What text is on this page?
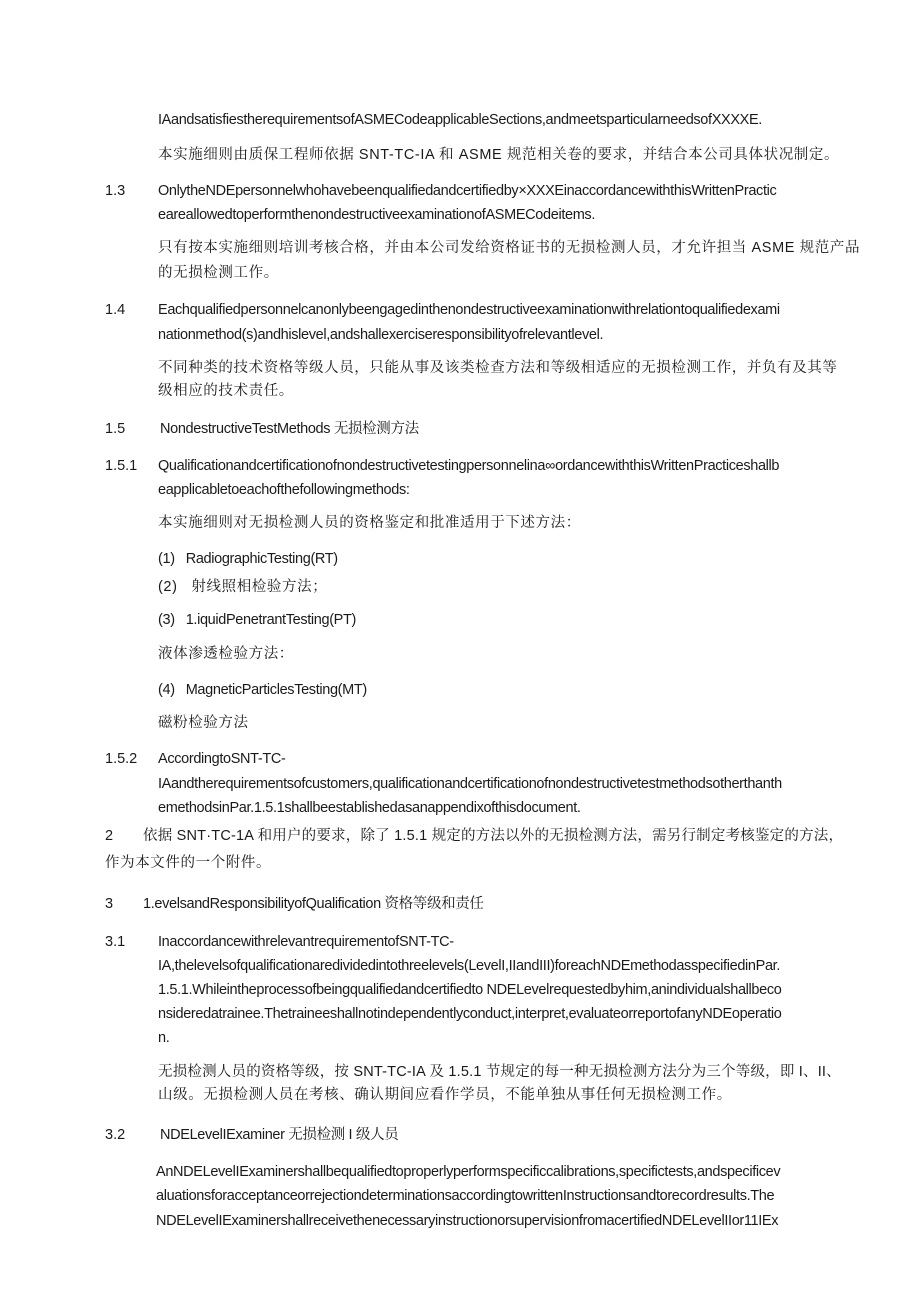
IAandsatisfiestherequirementsofASMECodeapplicableSections,andmeetsparticularneedsofXXXXE.
本实施细则由质保工程师依据 SNT-TC-IA 和 ASME 规范相关卷的要求，并结合本公司具体状况制定。
1.3 OnlytheNDEpersonnelwhohavebeenqualifiedandcertifiedby×XXXEinaccordancewiththisWrittenPractic
eareallowedtoperformthenondestructiveexaminationofASMECodeitems.
只有按本实施细则培训考核合格，并由本公司发给资格证书的无损检测人员，才允许担当 ASME 规范产品
的无损检测工作。
1.4 Eachqualifiedpersonnelcanonlybeengagedinthenondestructiveexaminationwithrelationtoqualifiedexami
nationmethod(s)andhislevel,andshallexerciseresponsibilityofrelevantlevel.
不同种类的技术资格等级人员，只能从事及该类检查方法和等级相适应的无损检测工作，并负有及其等
级相应的技术责任。
1.5 NondestructiveTestMethods 无损检测方法
1.5.1 Qualificationandcertificationofnondestructivetestingpersonnelina∞ordancewiththisWrittenPracticeshallb
eapplicabletoeachofthefollowingmethods:
本实施细则对无损检测人员的资格鉴定和批准适用于下述方法：
(1)   RadiographicTesting(RT)
(2)   射线照相检验方法；
(3)   1.iquidPenetrantTesting(PT)
液体渗透检验方法：
(4)   MagneticParticlesTesting(MT)
磁粉检验方法
1.5.2 AccordingtoSNT-TC-
IAandtherequirementsofcustomers,qualificationandcertificationofnondestructivetestmethodsotherthanth
emethodsinPar.1.5.1shallbeestablishedasanappendixofthisdocument.
2 依据 SNT·TC-1A 和用户的要求，除了 1.5.1 规定的方法以外的无损检测方法，需另行制定考核鉴定的方法，
作为本文件的一个附件。
3 1.evelsandResponsibilityofQualification 资格等级和责任
3.1 InaccordancewithrelevantrequirementofSNT-TC-
IA,thelevelsofqualificationaredividedintothreelevels(LevelI,IIandIII)foreachNDEmethodasspecifiedinPar.
1.5.1.Whileintheprocessofbeingqualifiedandcertifiedto NDELevelrequestedbyhim,anindividualshallbeco
nsideredatrainee.Thetraineeshallnotindependentlyconduct,interpret,evaluateorreportofanyNDEoperatio
n.
无损检测人员的资格等级，按 SNT-TC-IA 及 1.5.1 节规定的每一种无损检测方法分为三个等级，即 I、II、
山级。无损检测人员在考核、确认期间应看作学员，不能单独从事任何无损检测工作。
3.2 NDELevelIExaminer 无损检测 I 级人员
AnNDELevelIExaminershallbequalifiedtoproperlyperformspecificcalibrations,specifictests,andspecificev
aluationsforacceptanceorrejectiondeterminationsaccordingtowrittenInstructionsandtorecordresults.The
NDELevelIExaminershallreceivethenecessaryinstructionorsupervisionfromacertifiedNDELevelIIor11IEx
